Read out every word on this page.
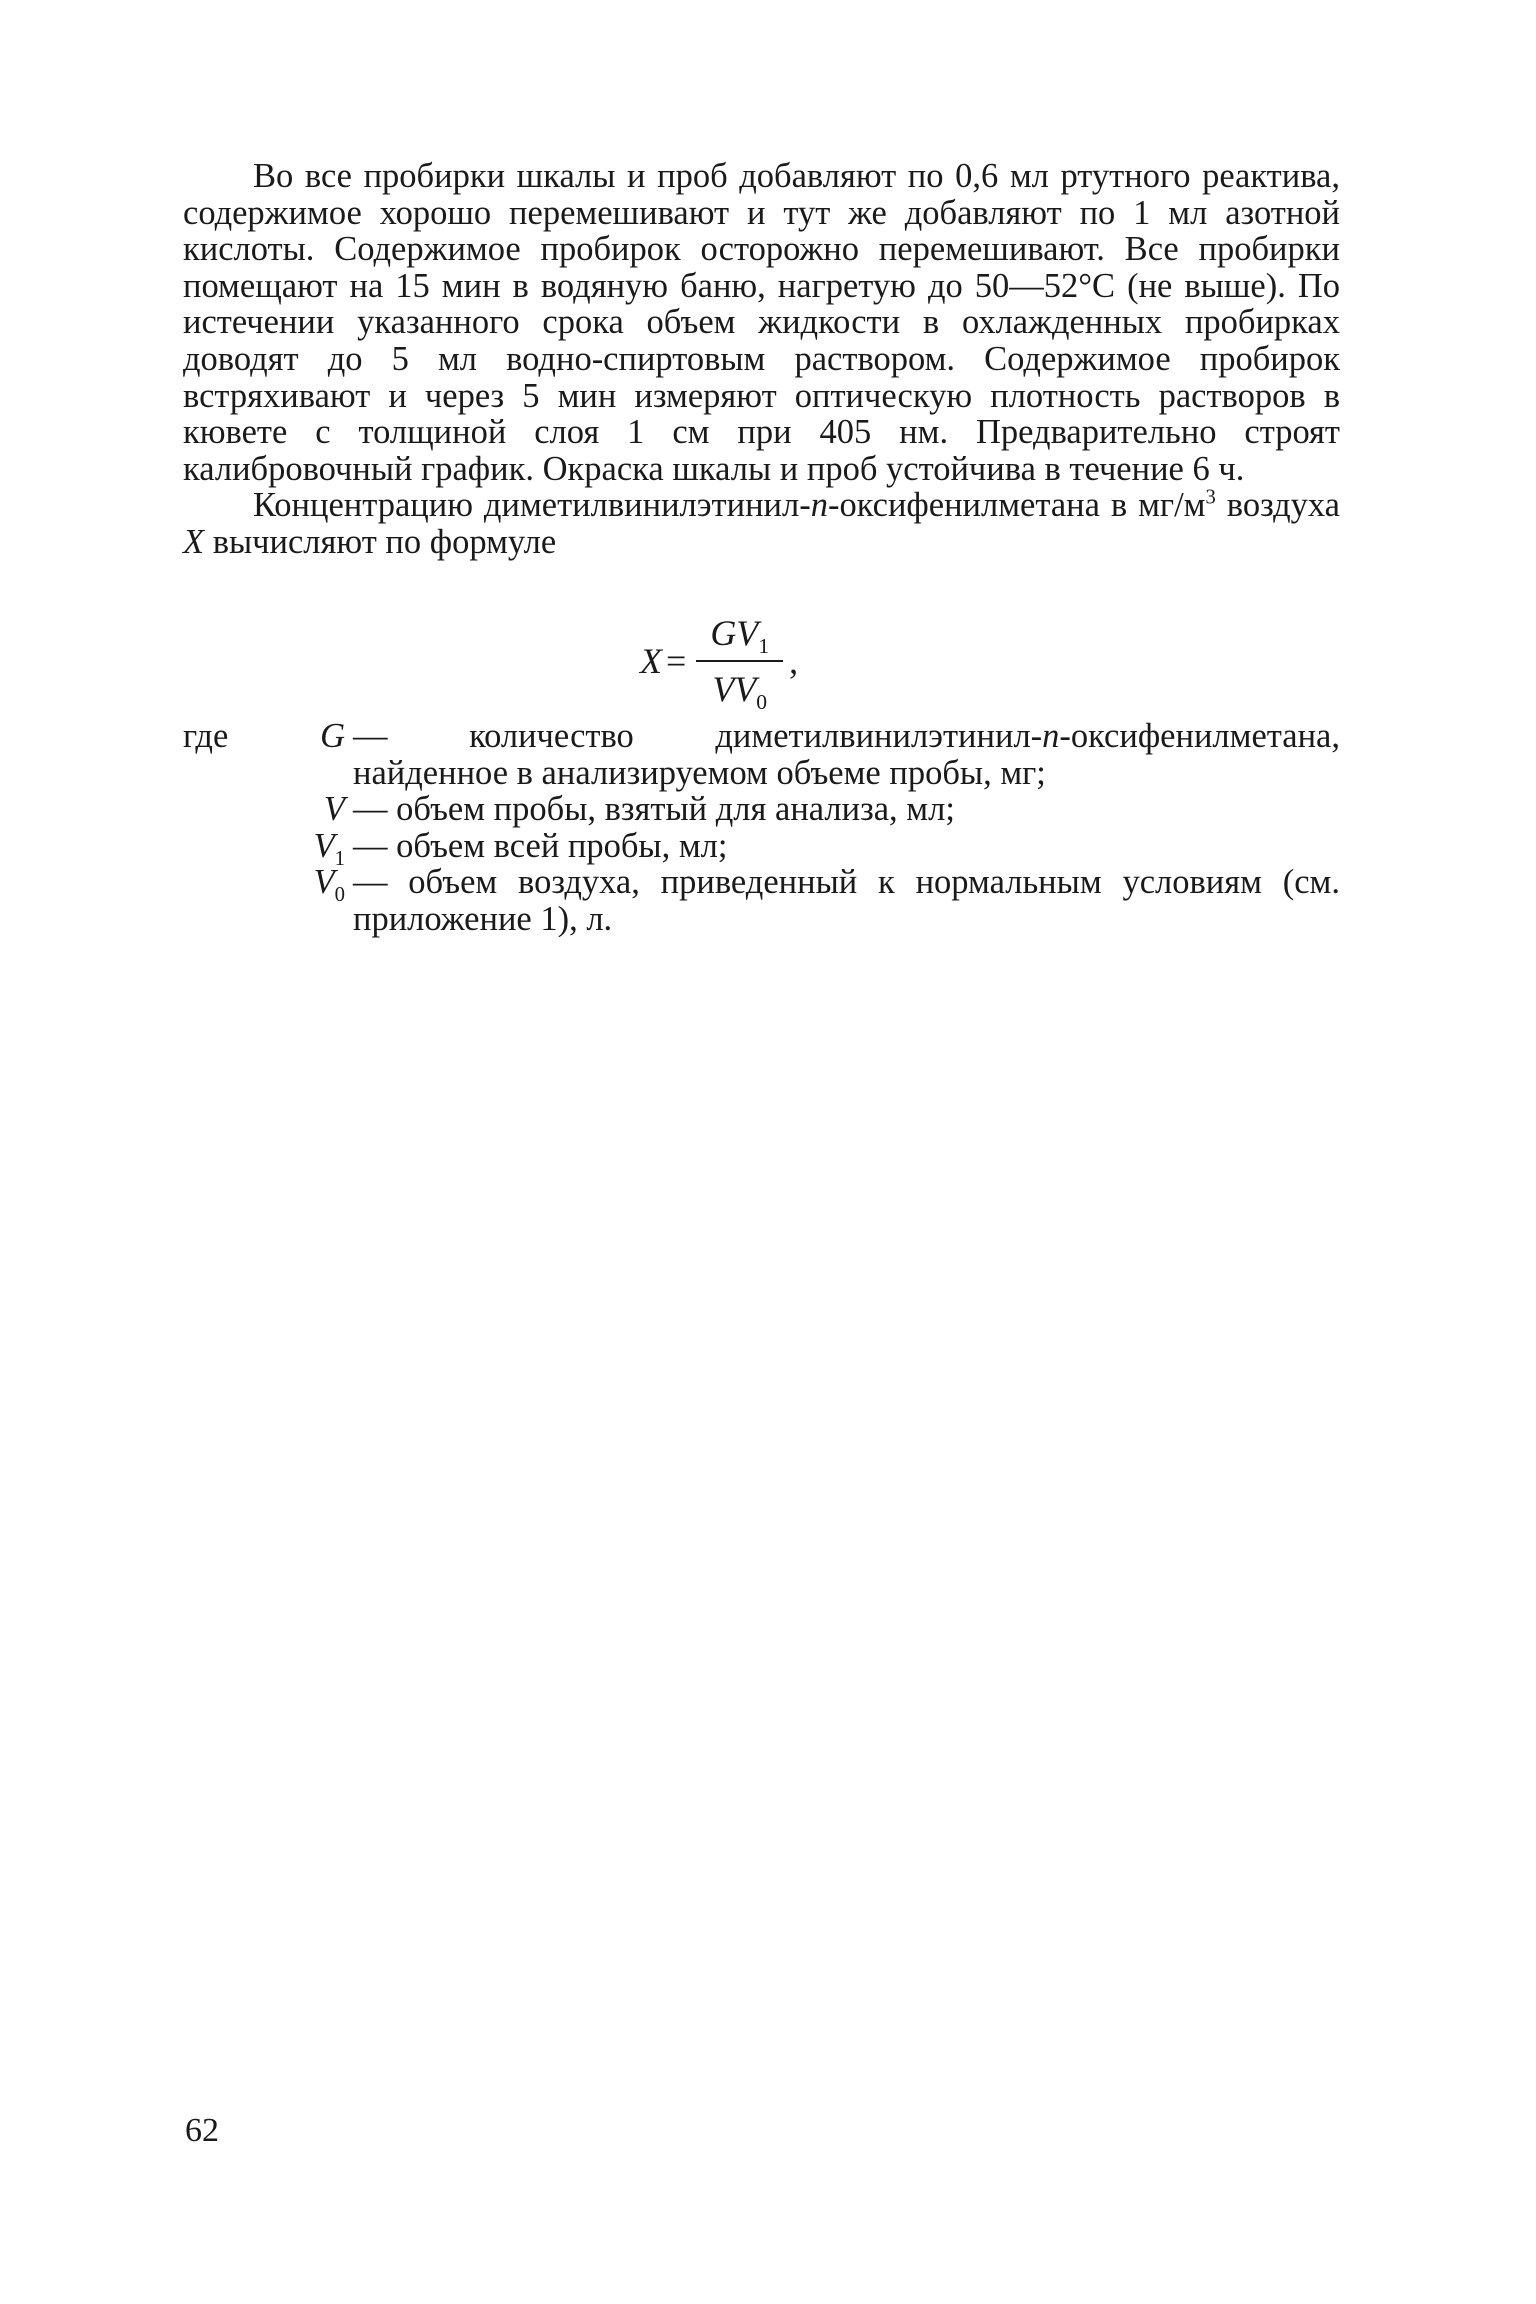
Во все пробирки шкалы и проб добавляют по 0,6 мл ртутного реактива, содержимое хорошо перемешивают и тут же добавляют по 1 мл азотной кислоты. Содержимое пробирок осторожно перемешивают. Все пробирки помещают на 15 мин в водяную баню, нагретую до 50—52°С (не выше). По истечении указанного срока объем жидкости в охлажденных пробирках доводят до 5 мл водно-спиртовым раствором. Содержимое пробирок встряхивают и через 5 мин измеряют оптическую плотность растворов в кювете с толщиной слоя 1 см при 405 нм. Предварительно строят калибровочный график. Окраска шкалы и проб устойчива в течение 6 ч.

Концентрацию диметилвинилэтинил-п-оксифенилметана в $мг/м^3$ воздуха X вычисляют по формуле

$X = \frac{GV_1}{VV_0}$ ,
где	G — количество диметилвинилэтинил-п-оксифенилметана, найденное в анализируемом объеме пробы, мг;
V — объем пробы, взятый для анализа, мл;
$V_1$ — объем всей пробы, мл;
$V_0$ — объем воздуха, приведенный к нормальным условиям (см. приложение 1), л.
62
